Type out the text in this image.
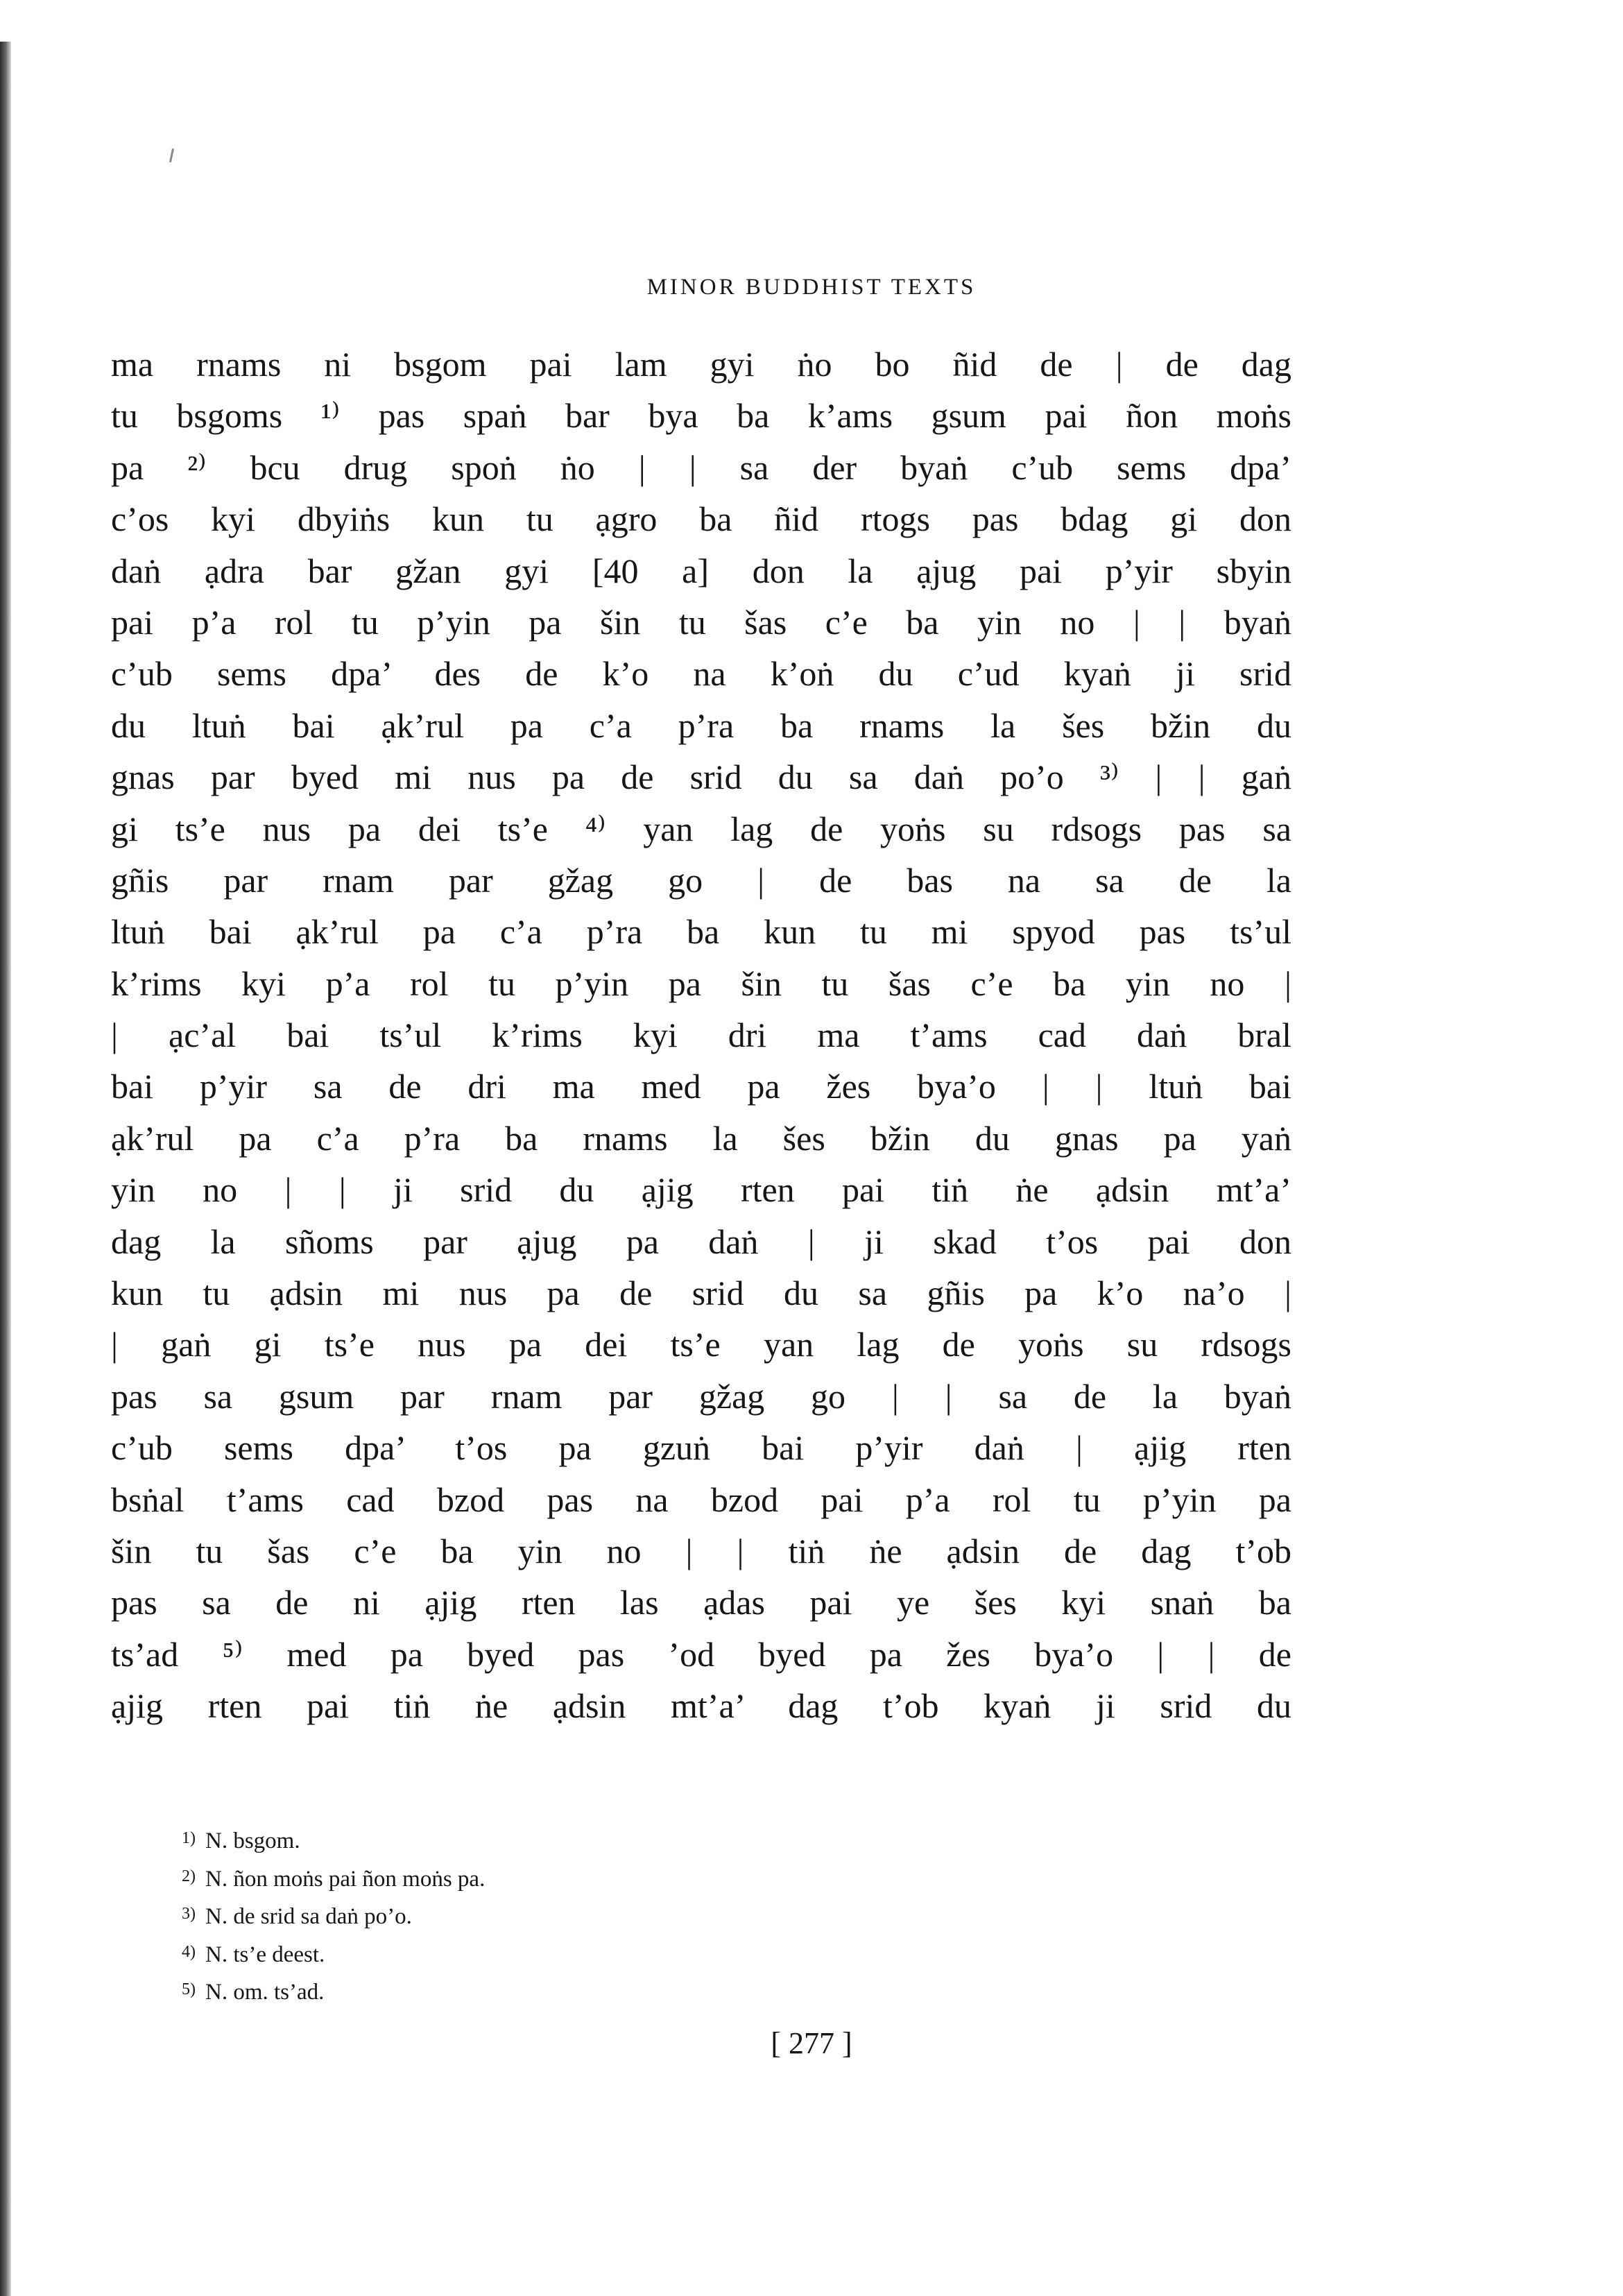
MINOR BUDDHIST TEXTS
ma rnams ni bsgom pai lam gyi ṅo bo ñid de | de dag
tu bsgoms ¹⁾ pas spaṅ bar bya ba k’ams gsum pai ñon moṅs
pa ²⁾ bcu drug spoṅ ṅo | | sa der byaṅ c’ub sems dpa’
c’os kyi dbyiṅs kun tu ạgro ba ñid rtogs pas bdag gi don
daṅ ạdra bar gžan gyi [40 a] don la ạjug pai p’yir sbyin
pai p’a rol tu p’yin pa šin tu šas c’e ba yin no | | byaṅ
c’ub sems dpa’ des de k’o na k’oṅ du c’ud kyaṅ ji srid
du ltuṅ bai ạk’rul pa c’a p’ra ba rnams la šes bžin du
gnas par byed mi nus pa de srid du sa daṅ po’o ³⁾ | | gaṅ
gi ts’e nus pa dei ts’e ⁴⁾ yan lag de yoṅs su rdsogs pas sa
gñis par rnam par gžag go | de bas na sa de la
ltuṅ bai ạk’rul pa c’a p’ra ba kun tu mi spyod pas ts’ul
k’rims kyi p’a rol tu p’yin pa šin tu šas c’e ba yin no |
| ạc’al bai ts’ul k’rims kyi dri ma t’ams cad daṅ bral
bai p’yir sa de dri ma med pa žes bya’o | | ltuṅ bai
ạk’rul pa c’a p’ra ba rnams la šes bžin du gnas pa yaṅ
yin no | | ji srid du ạjig rten pai tiṅ ṅe ạdsin mt’a’
dag la sñoms par ạjug pa daṅ | ji skad t’os pai don
kun tu ạdsin mi nus pa de srid du sa gñis pa k’o na’o |
| gaṅ gi ts’e nus pa dei ts’e yan lag de yoṅs su rdsogs
pas sa gsum par rnam par gžag go | | sa de la byaṅ
c’ub sems dpa’ t’os pa gzuṅ bai p’yir daṅ | ạjig rten
bsṅal t’ams cad bzod pas na bzod pai p’a rol tu p’yin pa
šin tu šas c’e ba yin no | | tiṅ ṅe ạdsin de dag t’ob
pas sa de ni ạjig rten las ạdas pai ye šes kyi snaṅ ba
ts’ad ⁵⁾ med pa byed pas ’od byed pa žes bya’o | | de
ạjig rten pai tiṅ ṅe ạdsin mt’a’ dag t’ob kyaṅ ji srid du
$^{1)}$ N. bsgom.
$^{2)}$ N. ñon moṅs pai ñon moṅs pa.
$^{3)}$ N. de srid sa daṅ po’o.
$^{4)}$ N. ts’e deest.
$^{5)}$ N. om. ts’ad.
[ 277 ]
